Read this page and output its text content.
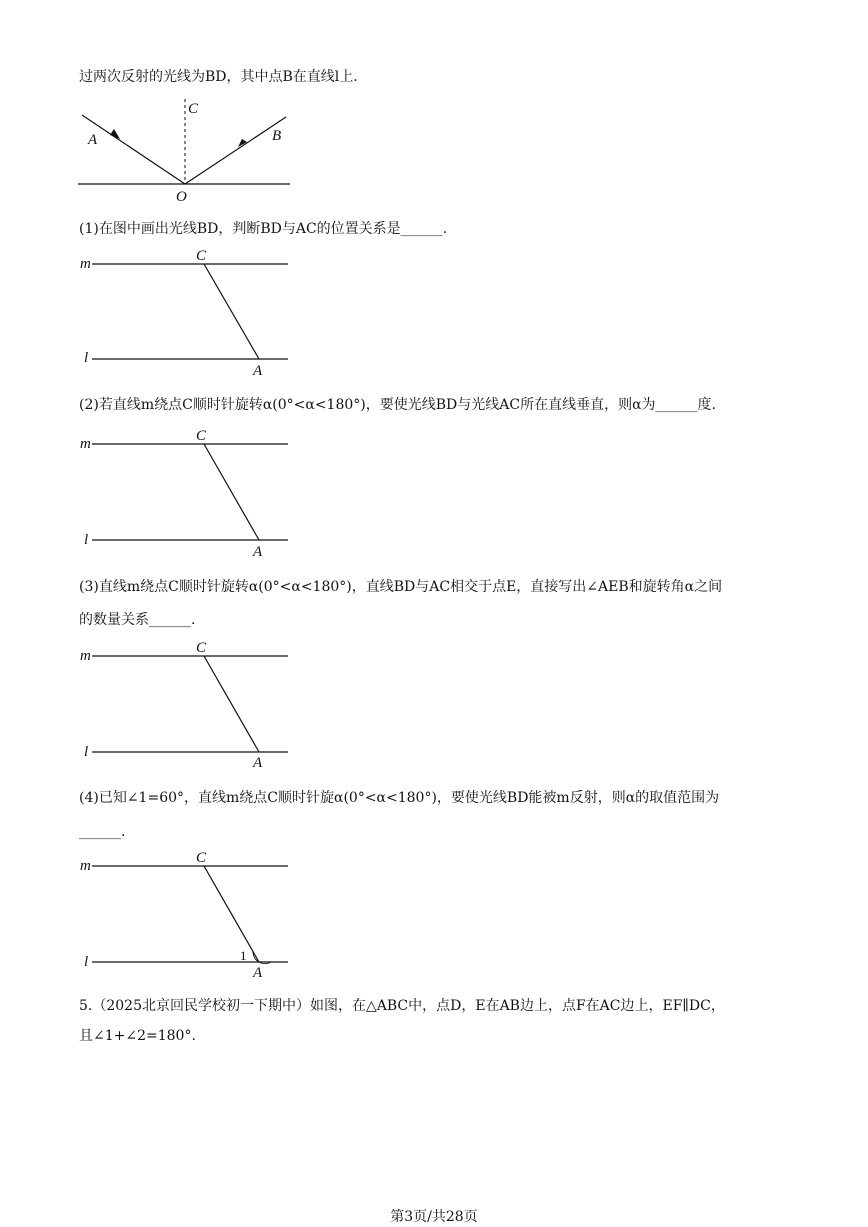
过两次反射的光线为BD，其中点B在直线l上.
A
C
B
O
(1)在图中画出光线BD，判断BD与AC的位置关系是______.
m	C
l
A
(2)若直线m绕点C顺时针旋转α(0°<α<180°)，要使光线BD与光线AC所在直线垂直，则α为______度.
m	C
l
A
(3)直线m绕点C顺时针旋转α(0°<α<180°)，直线BD与AC相交于点E，直接写出∠AEB和旋转角α之间
的数量关系______.
m	C
l
A
(4)已知∠1=60°，直线m绕点C顺时针旋α(0°<α<180°)，要使光线BD能被m反射，则α的取值范围为
______.
m	C
l	1
A
5.（2025北京回民学校初一下期中）如图，在△ABC中，点D，E在AB边上，点F在AC边上，EF∥DC，
且∠1+∠2=180°.
第3页/共28页
